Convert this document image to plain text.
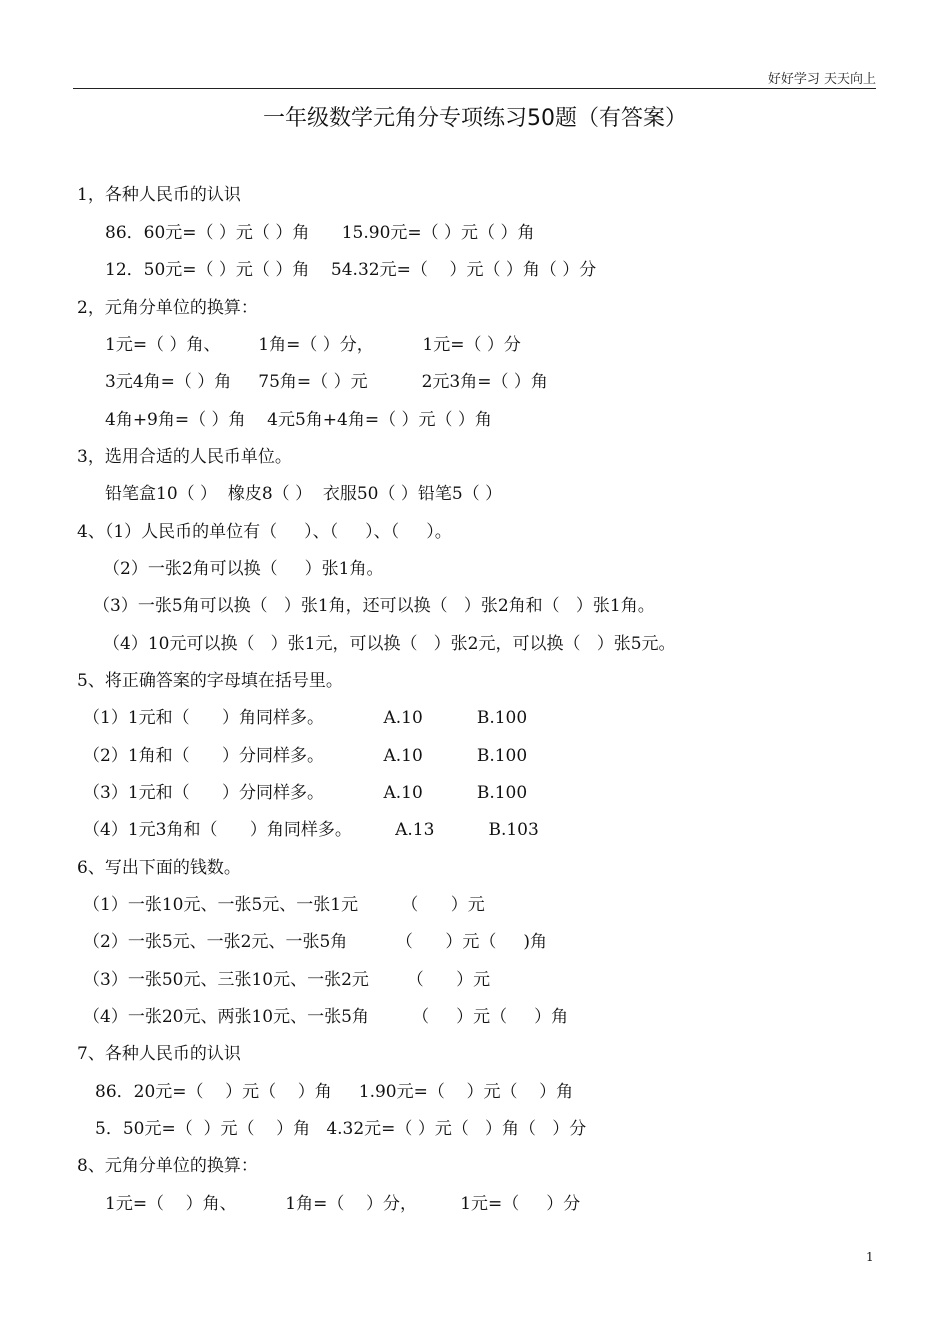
好好学习 天天向上
一年级数学元角分专项练习50题（有答案）
1，各种人民币的认识
86．60元=（ ）元（ ）角      15.90元=（ ）元（ ）角
12．50元=（ ）元（ ）角    54.32元=（    ）元（ ）角（ ）分
2，元角分单位的换算：
1元=（ ）角、       1角=（ ）分，         1元=（ ）分
3元4角=（ ）角     75角=（ ）元          2元3角=（ ）角
4角+9角=（ ）角    4元5角+4角=（ ）元（ ）角
3，选用合适的人民币单位。
铅笔盒10（ ）  橡皮8（ ）  衣服50（ ）铅笔5（ ）
4、（1）人民币的单位有（     ）、（     ）、（     ）。
（2）一张2角可以换（     ）张1角。
（3）一张5角可以换（   ）张1角，还可以换（   ）张2角和（   ）张1角。
（4）10元可以换（   ）张1元，可以换（   ）张2元，可以换（   ）张5元。
5、将正确答案的字母填在括号里。
（1）1元和（      ）角同样多。           A.10          B.100
（2）1角和（      ）分同样多。           A.10          B.100
（3）1元和（      ）分同样多。           A.10          B.100
（4）1元3角和（      ）角同样多。        A.13          B.103
6、写出下面的钱数。
（1）一张10元、一张5元、一张1元        （      ）元
（2）一张5元、一张2元、一张5角         （      ）元（     )角
（3）一张50元、三张10元、一张2元       （      ）元
（4）一张20元、两张10元、一张5角        （     ）元（     ）角
7、各种人民币的认识
86．20元=（    ）元（    ）角     1.90元=（    ）元（    ）角
5．50元=（  ）元（    ）角   4.32元=（ ）元（   ）角（   ）分
8、元角分单位的换算：
1元=（    ）角、         1角=（    ）分，        1元=（     ）分
1
